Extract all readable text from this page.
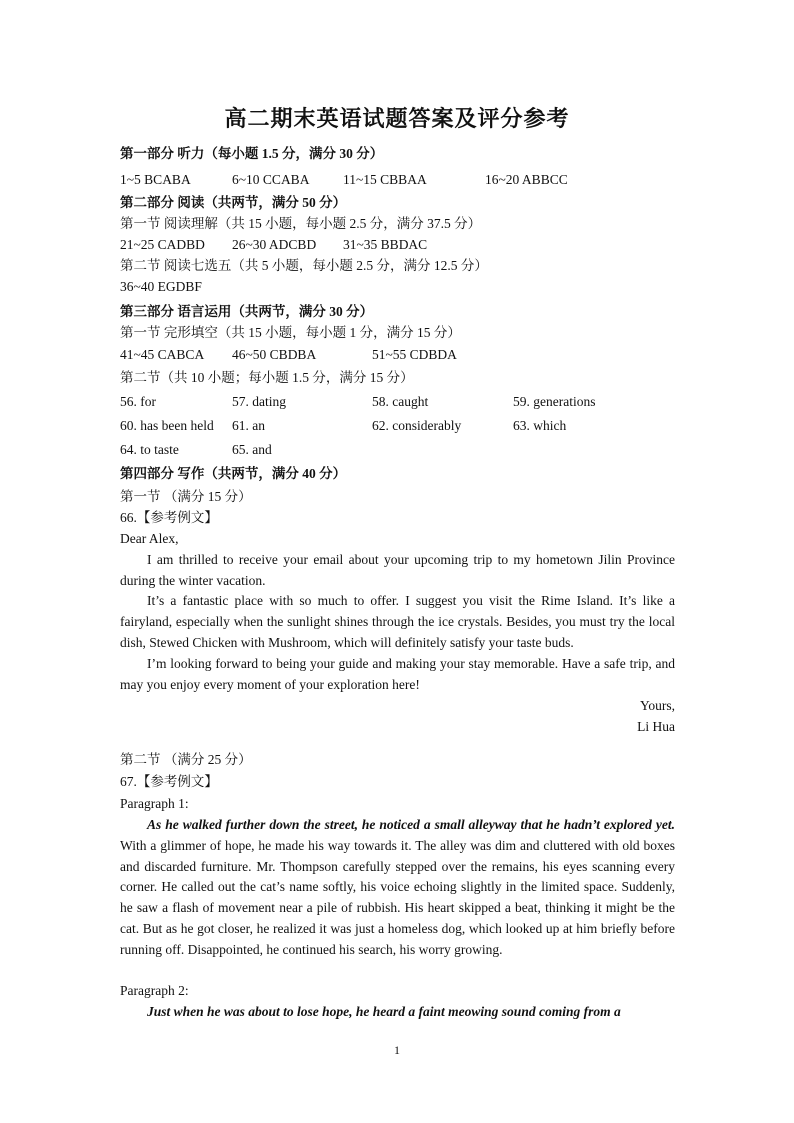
高二期末英语试题答案及评分参考
第一部分 听力（每小题 1.5 分，满分 30 分）
1~5 BCABA	6~10 CCABA 11~15 CBBAA	16~20 ABBCC
第二部分 阅读（共两节，满分 50 分）
第一节 阅读理解（共 15 小题，每小题 2.5 分，满分 37.5 分）
21~25 CADBD 26~30 ADCBD 31~35 BBDAC
第二节 阅读七选五（共 5 小题，每小题 2.5 分，满分 12.5 分）
36~40 EGDBF
第三部分 语言运用（共两节，满分 30 分）
第一节 完形填空（共 15 小题，每小题 1 分，满分 15 分）
41~45 CABCA 46~50 CBDBA	51~55 CDBDA
第二节（共 10 小题；每小题 1.5 分，满分 15 分）
56. for	57. dating	58. caught	59. generations
60. has been held 61. an	62. considerably	63. which
64. to taste	65. and
第四部分 写作（共两节，满分 40 分）
第一节 （满分 15 分）
66.【参考例文】
Dear Alex,
I am thrilled to receive your email about your upcoming trip to my hometown Jilin Province during the winter vacation.
It’s a fantastic place with so much to offer. I suggest you visit the Rime Island. It’s like a fairyland, especially when the sunlight shines through the ice crystals. Besides, you must try the local dish, Stewed Chicken with Mushroom, which will definitely satisfy your taste buds.
I’m looking forward to being your guide and making your stay memorable. Have a safe trip, and may you enjoy every moment of your exploration here!
Yours,
Li Hua
第二节 （满分 25 分）
67.【参考例文】
Paragraph 1:
As he walked further down the street, he noticed a small alleyway that he hadn’t explored yet. With a glimmer of hope, he made his way towards it. The alley was dim and cluttered with old boxes and discarded furniture. Mr. Thompson carefully stepped over the remains, his eyes scanning every corner. He called out the cat’s name softly, his voice echoing slightly in the limited space. Suddenly, he saw a flash of movement near a pile of rubbish. His heart skipped a beat, thinking it might be the cat. But as he got closer, he realized it was just a homeless dog, which looked up at him briefly before running off. Disappointed, he continued his search, his worry growing.
Paragraph 2:
Just when he was about to lose hope, he heard a faint meowing sound coming from a
1
